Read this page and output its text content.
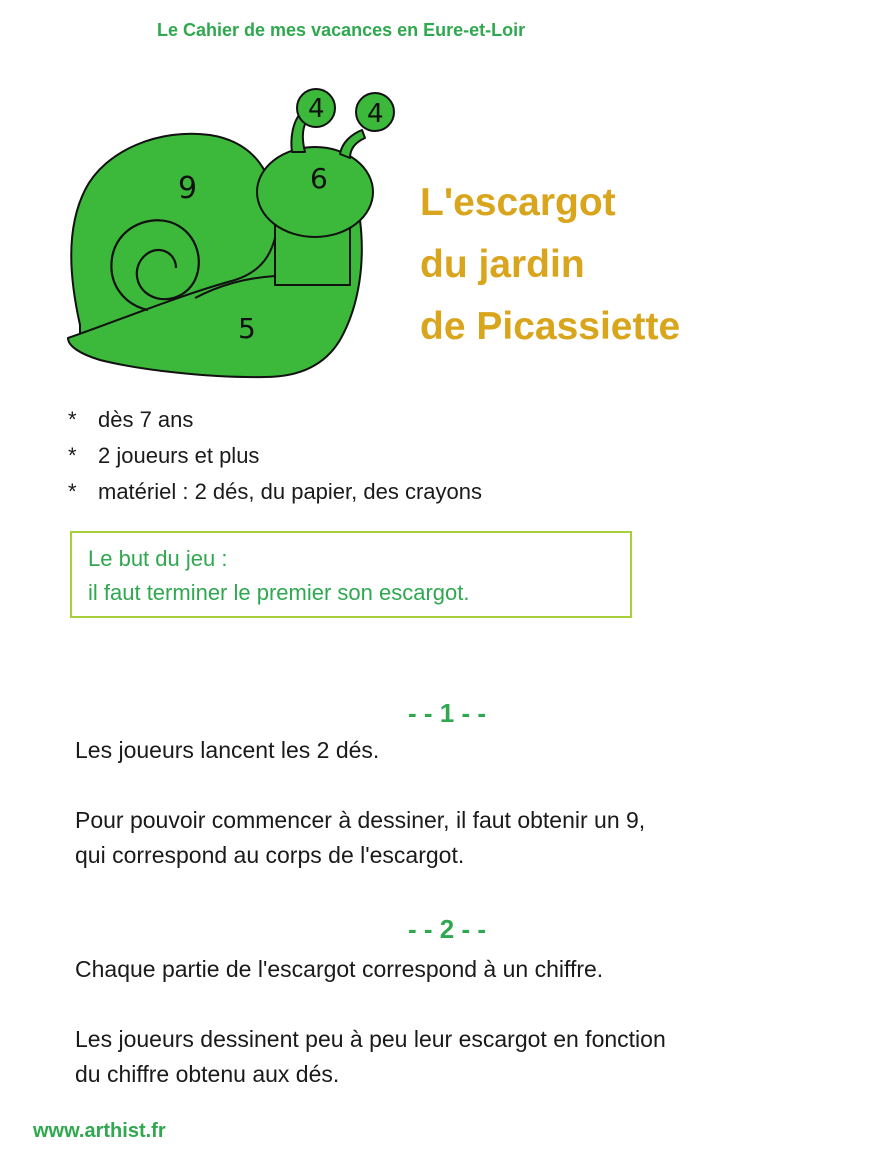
Le Cahier de mes vacances en Eure-et-Loir
4 4
6
9
5
L'escargot
du jardin
de Picassiette
* dès 7 ans
* 2 joueurs et plus
* matériel : 2 dés, du papier, des crayons
Le but du jeu :
il faut terminer le premier son escargot.
- - 1 - -
Les joueurs lancent les 2 dés.
Pour pouvoir commencer à dessiner, il faut obtenir un 9,
qui correspond au corps de l'escargot.
- - 2 - -
Chaque partie de l'escargot correspond à un chiffre.
Les joueurs dessinent peu à peu leur escargot en fonction
du chiffre obtenu aux dés.
www.arthist.fr
